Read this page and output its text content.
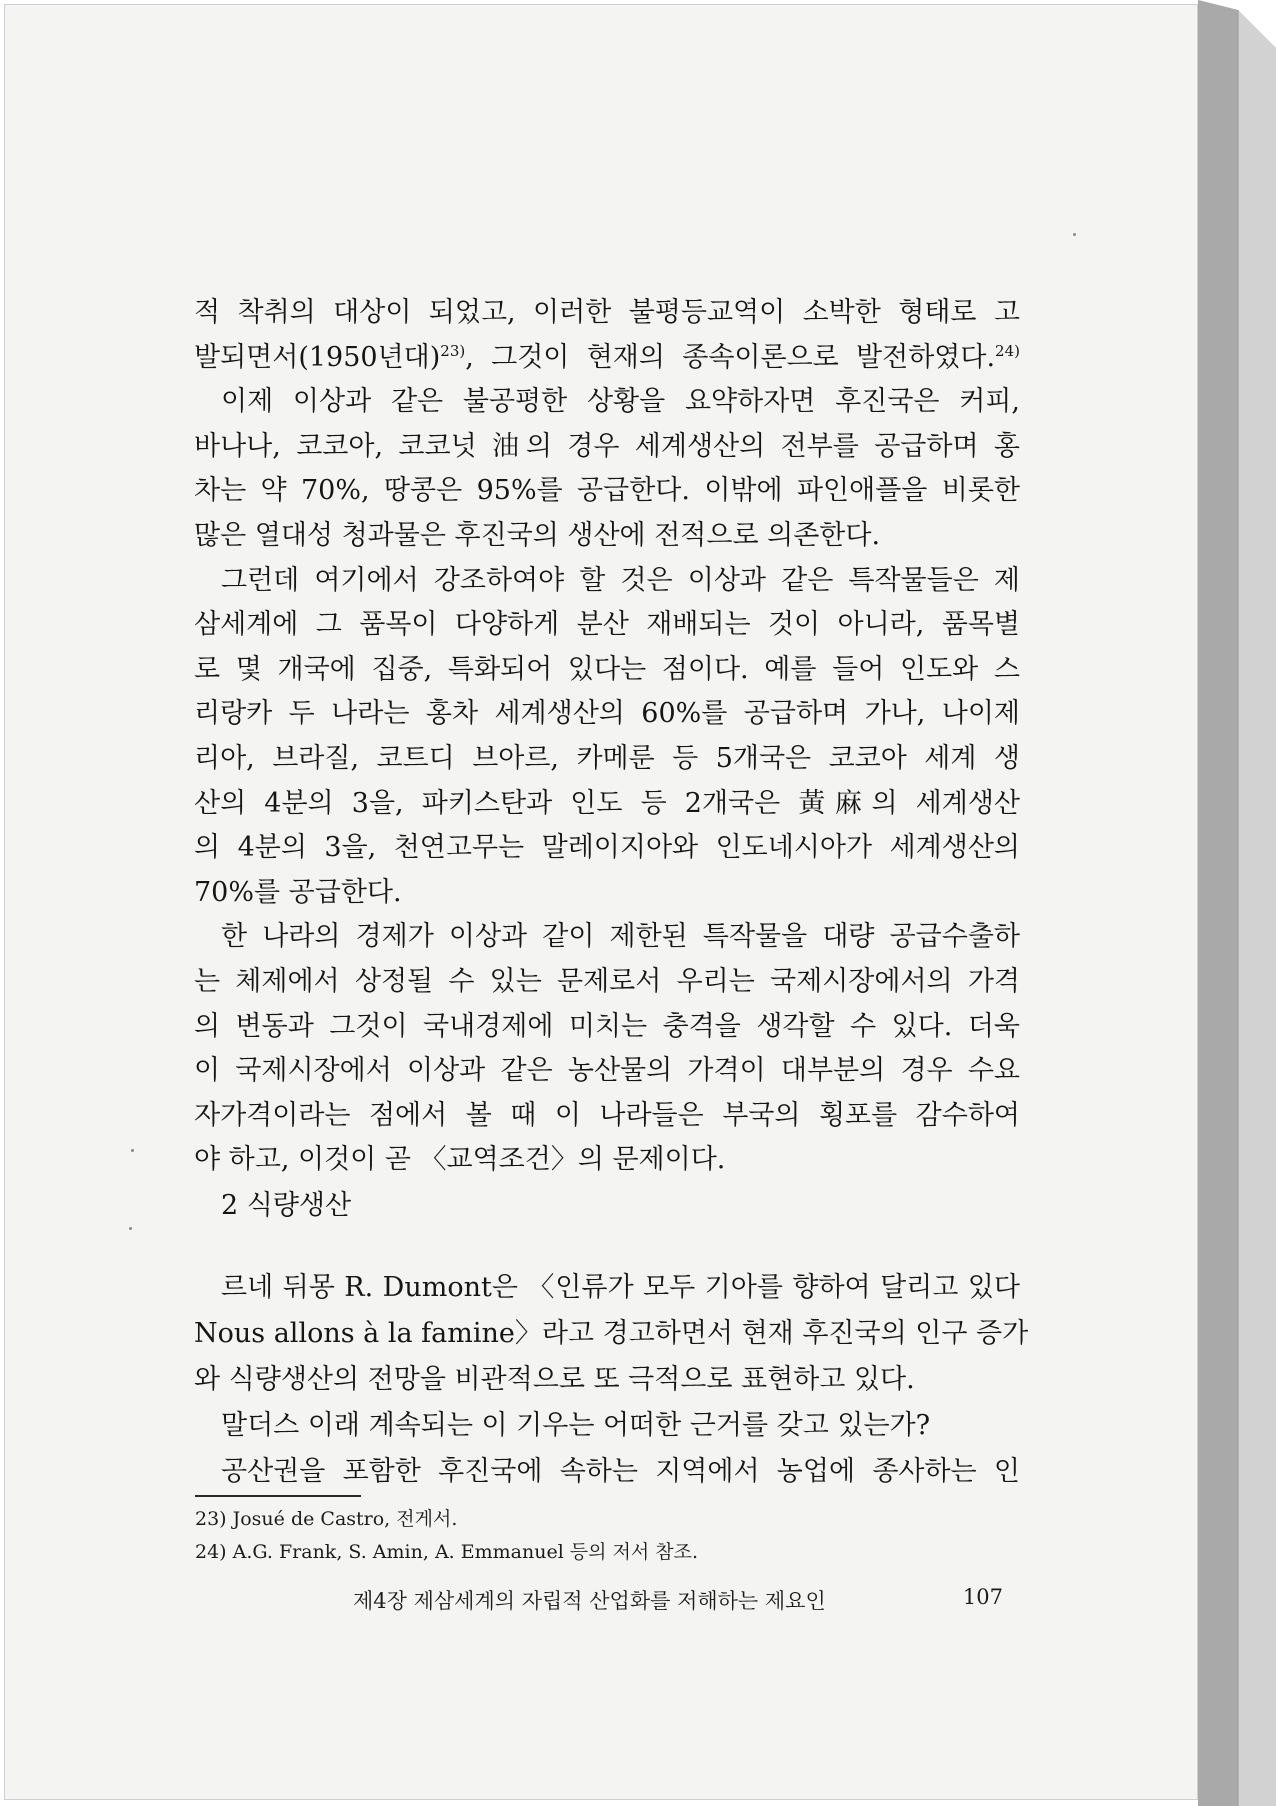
적 착취의 대상이 되었고, 이러한 불평등교역이 소박한 형태로 고
발되면서(1950년대)$^{23)}$, 그것이 현재의 종속이론으로 발전하였다.$^{24)}$
이제 이상과 같은 불공평한 상황을 요약하자면 후진국은 커피,
바나나, 코코아, 코코넛 油의 경우 세계생산의 전부를 공급하며 홍
차는 약 70%, 땅콩은 95%를 공급한다. 이밖에 파인애플을 비롯한
많은 열대성 청과물은 후진국의 생산에 전적으로 의존한다.
그런데 여기에서 강조하여야 할 것은 이상과 같은 특작물들은 제
삼세계에 그 품목이 다양하게 분산 재배되는 것이 아니라, 품목별
로 몇 개국에 집중, 특화되어 있다는 점이다. 예를 들어 인도와 스
리랑카 두 나라는 홍차 세계생산의 60%를 공급하며 가나, 나이제
리아, 브라질, 코트디 브아르, 카메룬 등 5개국은 코코아 세계 생
산의 4분의 3을, 파키스탄과 인도 등 2개국은 黃麻의 세계생산
의 4분의 3을, 천연고무는 말레이지아와 인도네시아가 세계생산의
70%를 공급한다.
한 나라의 경제가 이상과 같이 제한된 특작물을 대량 공급수출하
는 체제에서 상정될 수 있는 문제로서 우리는 국제시장에서의 가격
의 변동과 그것이 국내경제에 미치는 충격을 생각할 수 있다. 더욱
이 국제시장에서 이상과 같은 농산물의 가격이 대부분의 경우 수요
자가격이라는 점에서 볼 때 이 나라들은 부국의 횡포를 감수하여
야 하고, 이것이 곧 〈교역조건〉의 문제이다.
2 식량생산
르네 뒤몽 R. Dumont은 〈인류가 모두 기아를 향하여 달리고 있다
Nous allons à la famine〉라고 경고하면서 현재 후진국의 인구 증가
와 식량생산의 전망을 비관적으로 또 극적으로 표현하고 있다.
말더스 이래 계속되는 이 기우는 어떠한 근거를 갖고 있는가?
공산권을 포함한 후진국에 속하는 지역에서 농업에 종사하는 인
23) Josué de Castro, 전게서.
24) A.G. Frank, S. Amin, A. Emmanuel 등의 저서 참조.
제4장 제삼세계의 자립적 산업화를 저해하는 제요인	107
